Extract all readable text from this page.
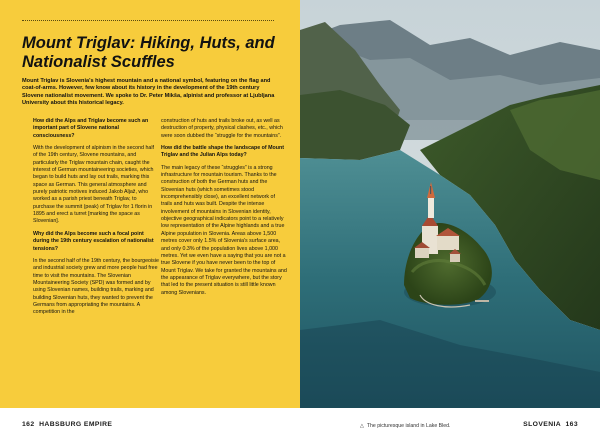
Mount Triglav: Hiking, Huts, and Nationalist Scuffles

Mount Triglav is Slovenia's highest mountain and a national symbol, featuring on the flag and coat-of-arms. However, few know about its history in the development of the 19th century Slovene nationalist movement. We spoke to Dr. Peter Mikša, alpinist and professor at Ljubljana University about this historical legacy.

How did the Alps and Triglav become such an important part of Slovene national consciousness?

With the development of alpinism in the second half of the 19th century, Slovene mountains, and particularly the Triglav mountain chain, caught the interest of German mountaineering societies, which began to build huts and lay out trails, marking this space as German. This general atmosphere and purely patriotic motives induced Jakob Aljaž, who worked as a parish priest beneath Triglav, to purchase the summit (peak) of Triglav for 1 florin in 1895 and erect a turret [marking the space as Slovenian].

Why did the Alps become such a focal point during the 19th century escalation of nationalist tensions?

In the second half of the 19th century, the bourgeoisie and industrial society grew and more people had free time to visit the mountains. The Slovenian Mountaineering Society (SPD) was formed and by using Slovenian names, building trails, marking and building Slovenian huts, they wanted to prevent the Germans from appropriating the mountains. A competition in the

construction of huts and trails broke out, as well as destruction of property, physical clashes, etc., which were soon dubbed the “struggle for the mountains”.

How did the battle shape the landscape of Mount Triglav and the Julian Alps today?

The main legacy of these “struggles” is a strong infrastructure for mountain tourism. Thanks to the construction of both the German huts and the Slovenian huts (which sometimes stood incomprehensibly close), an excellent network of trails and huts was built. Despite the intense involvement of mountains in Slovenian identity, objective geographical indicators point to a relatively low representation of the Alpine highlands and a true Alpine population in Slovenia. Areas above 1,500 metres cover only 1.5% of Slovenia's surface area, and only 0.3% of the population lives above 1,000 metres. Yet we even have a saying that you are not a true Slovene if you have never been to the top of Mount Triglav. We take for granted the mountains and the appearance of Triglav everywhere, but the story that led to the present situation is still little known among Slovenians.

162 HABSBURG EMPIRE	△ The picturesque island in Lake Bled.	SLOVENIA 163
